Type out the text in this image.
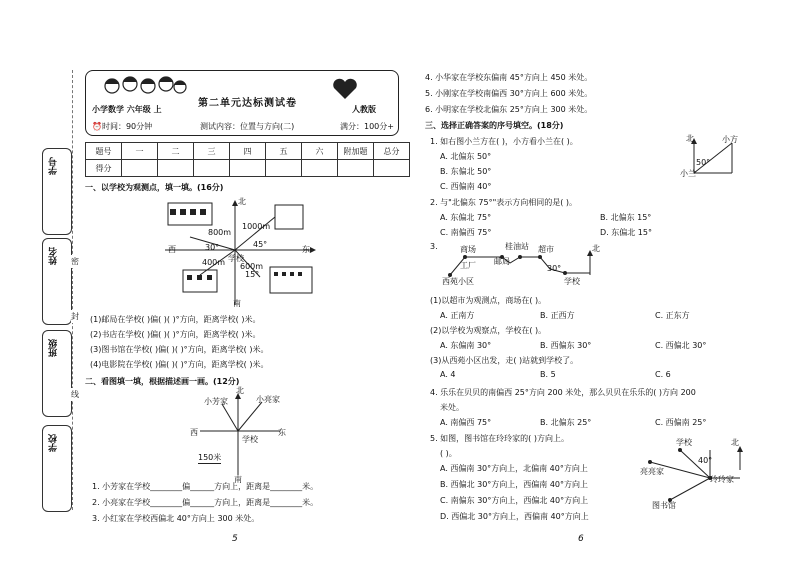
学号
姓名
班级
学校
密
封
线
小学数学 六年级 上
第二单元达标测试卷
人教版
⏰时间：90分钟	测试内容：位置与方向(二)	满分：100分+
题号	一	二	三	四	五	六	附加题	总分
得分								
一、以学校为观测点，填一填。(16分)
北
南
东
西
学校
1000m
800m
400m 600m
30°	45°
15°
(1)邮局在学校( )偏( )( )°方向，距离学校( )米。
(2)书店在学校( )偏( )( )°方向，距离学校( )米。
(3)图书馆在学校( )偏( )( )°方向，距离学校( )米。
(4)电影院在学校( )偏( )( )°方向，距离学校( )米。
二、看图填一填，根据描述画一画。(12分)
北
南
东
西
学校
小芳家	小亮家
150米
1. 小芳家在学校________偏______方向上，距离是________米。
2. 小亮家在学校________偏______方向上，距离是________米。
3. 小红家在学校西偏北 40°方向上 300 米处。
5
4. 小华家在学校东偏南 45°方向上 450 米处。
5. 小刚家在学校南偏西 30°方向上 600 米处。
6. 小明家在学校北偏东 25°方向上 300 米处。
三、选择正确答案的序号填空。(18分)
1. 如右图小兰方在( )，小方看小兰在( )。
A. 北偏东 50°
B. 东偏北 50°
C. 西偏南 40°
北	小方
小兰
50°
2. 与"北偏东 75°"表示方向相同的是( )。
A. 东偏北 75°	B. 北偏东 15°
C. 南偏西 75°	D. 东偏北 15°
3.	商场	桂油站 超市
邮局
工厂
西苑小区	学校
北
30°
(1)以超市为观测点，商场在( )。
A. 正南方	B. 正西方	C. 正东方
(2)以学校为观察点，学校在( )。
A. 东偏南 30°	B. 西偏东 30°	C. 西偏北 30°
(3)从西苑小区出发，走( )站就到学校了。
A. 4	B. 5	C. 6
4. 乐乐在贝贝的南偏西 25°方向 200 米处，那么贝贝在乐乐的( )方向 200
米处。
A. 南偏西 75°	B. 北偏东 25°	C. 西偏南 25°
5. 如图，图书馆在玲玲家的( )方向上。
( )。
A. 西偏南 30°方向上，北偏南 40°方向上
B. 西偏北 30°方向上，西偏南 40°方向上
C. 南偏东 30°方向上，西偏北 40°方向上
D. 西偏北 30°方向上，西偏南 40°方向上
学校	北
亮亮家
玲玲家
图书馆
40°
6
